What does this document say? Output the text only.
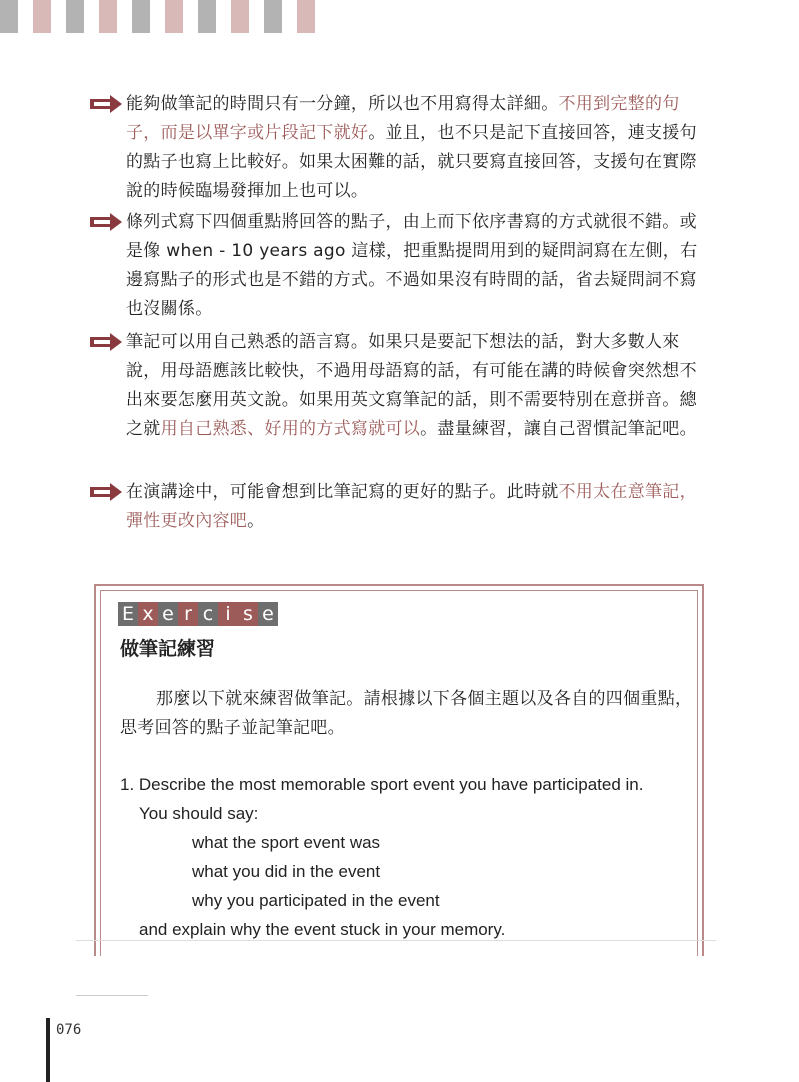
能夠做筆記的時間只有一分鐘，所以也不用寫得太詳細。不用到完整的句子，而是以單字或片段記下就好。並且，也不只是記下直接回答，連支援句的點子也寫上比較好。如果太困難的話，就只要寫直接回答，支援句在實際說的時候臨場發揮加上也可以。
條列式寫下四個重點將回答的點子，由上而下依序書寫的方式就很不錯。或是像 when - 10 years ago 這樣，把重點提問用到的疑問詞寫在左側，右邊寫點子的形式也是不錯的方式。不過如果沒有時間的話，省去疑問詞不寫也沒關係。
筆記可以用自己熟悉的語言寫。如果只是要記下想法的話，對大多數人來說，用母語應該比較快，不過用母語寫的話，有可能在講的時候會突然想不出來要怎麼用英文說。如果用英文寫筆記的話，則不需要特別在意拼音。總之就用自己熟悉、好用的方式寫就可以。盡量練習，讓自己習慣記筆記吧。
在演講途中，可能會想到比筆記寫的更好的點子。此時就不用太在意筆記，彈性更改內容吧。
E x e r c i s e
做筆記練習
那麼以下就來練習做筆記。請根據以下各個主題以及各自的四個重點，思考回答的點子並記筆記吧。
1. Describe the most memorable sport event you have participated in.
You should say:
what the sport event was
what you did in the event
why you participated in the event
and explain why the event stuck in your memory.
076
